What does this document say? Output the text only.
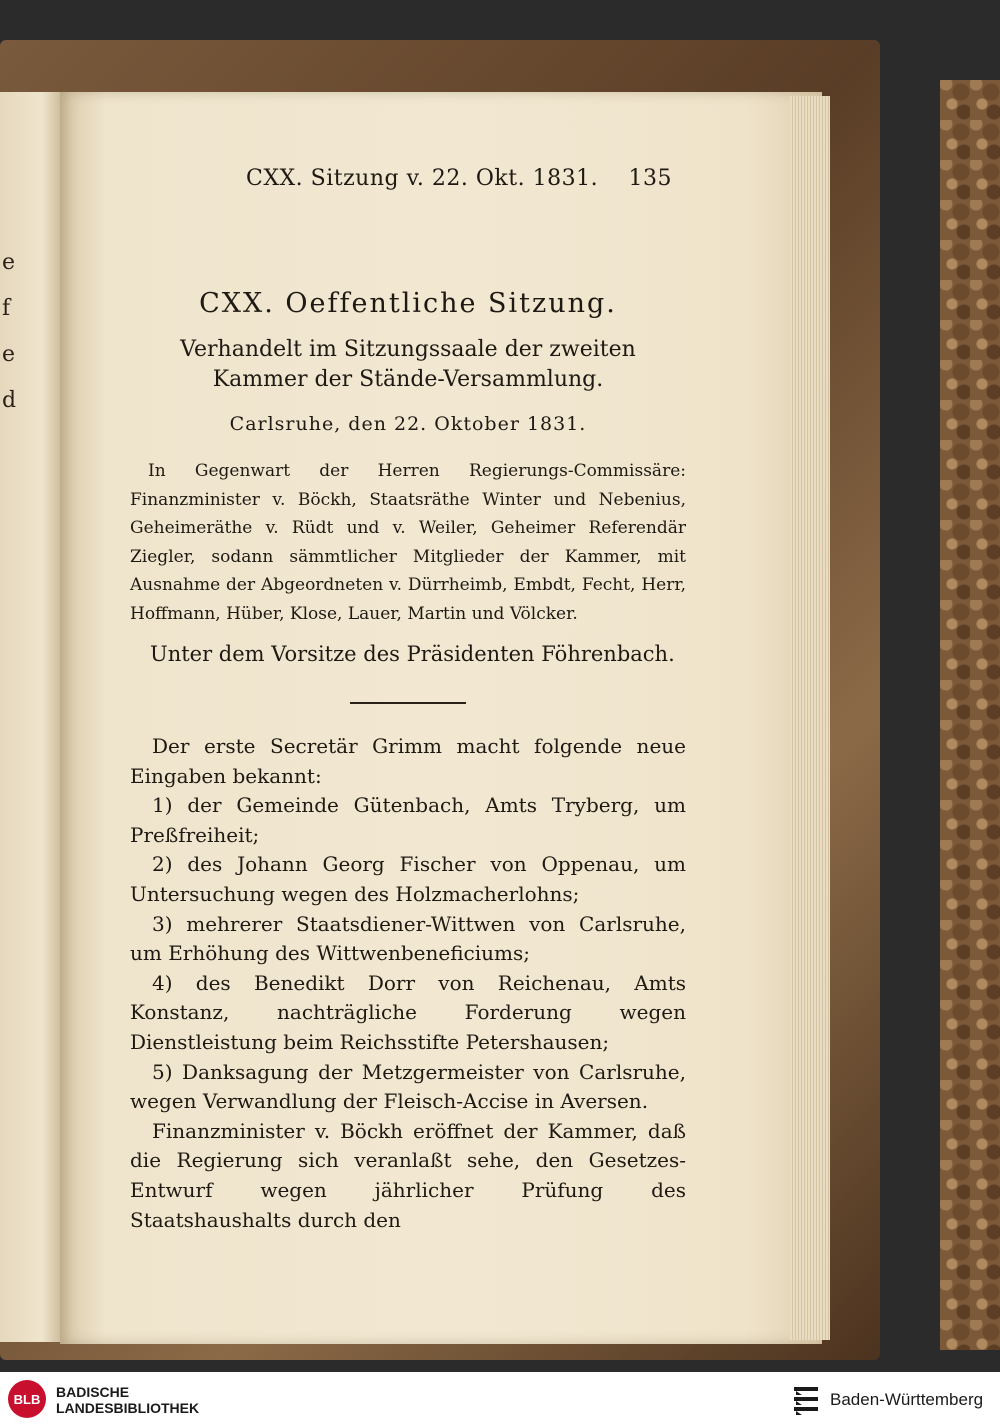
e
f
e
d
CXX. Sitzung v. 22. Okt. 1831. 135
CXX. Oeffentliche Sitzung.
Verhandelt im Sitzungssaale der zweiten Kammer der Stände-Versammlung.
Carlsruhe, den 22. Oktober 1831.
In Gegenwart der Herren Regierungs-Commissäre: Finanzminister v. Böckh, Staatsräthe Winter und Nebenius, Geheimeräthe v. Rüdt und v. Weiler, Geheimer Referendär Ziegler, sodann sämmtlicher Mitglieder der Kammer, mit Ausnahme der Abgeordneten v. Dürrheimb, Embdt, Fecht, Herr, Hoffmann, Hüber, Klose, Lauer, Martin und Völcker.
Unter dem Vorsitze des Präsidenten Föhrenbach.

Der erste Secretär Grimm macht folgende neue Eingaben bekannt:

1) der Gemeinde Gütenbach, Amts Tryberg, um Preßfreiheit;

2) des Johann Georg Fischer von Oppenau, um Untersuchung wegen des Holzmacherlohns;

3) mehrerer Staatsdiener-Wittwen von Carlsruhe, um Erhöhung des Wittwenbeneficiums;

4) des Benedikt Dorr von Reichenau, Amts Konstanz, nachträgliche Forderung wegen Dienstleistung beim Reichsstifte Petershausen;

5) Danksagung der Metzgermeister von Carlsruhe, wegen Verwandlung der Fleisch-Accise in Aversen.

Finanzminister v. Böckh eröffnet der Kammer, daß die Regierung sich veranlaßt sehe, den Gesetzes-Entwurf wegen jährlicher Prüfung des Staatshaushalts durch den

BLB	BADISCHE
LANDESBIBLIOTHEK	Baden-Württemberg
